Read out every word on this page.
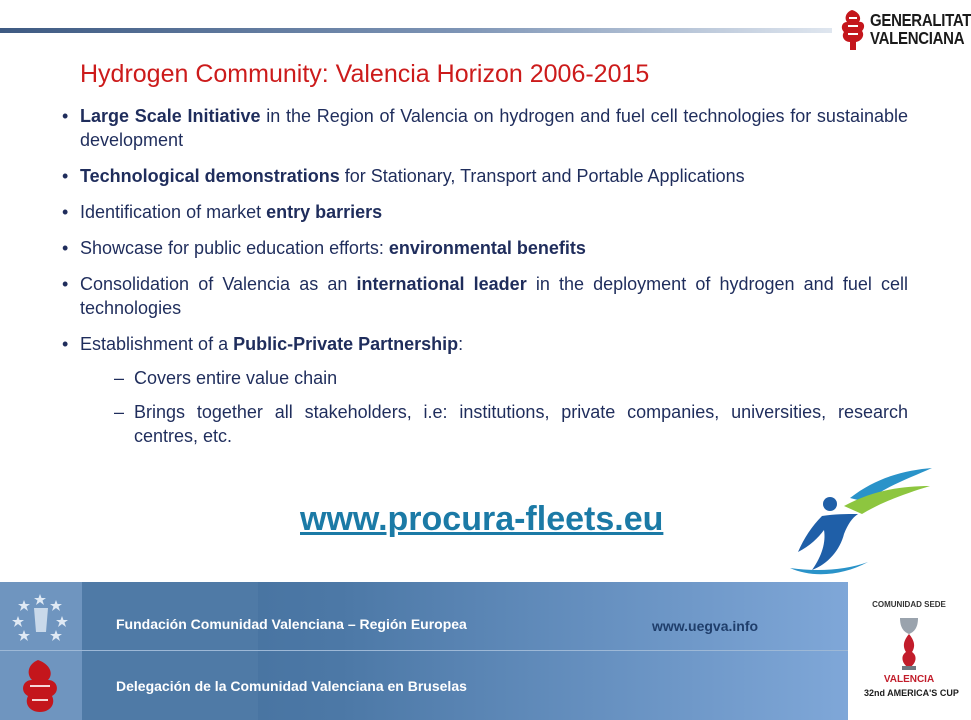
GENERALITAT VALENCIANA
Hydrogen Community: Valencia Horizon 2006-2015
• Large Scale Initiative in the Region of Valencia on hydrogen and fuel cell technologies for sustainable development
• Technological demonstrations for Stationary, Transport and Portable Applications
• Identification of market entry barriers
• Showcase for public education efforts: environmental benefits
• Consolidation of Valencia as an international leader in the deployment of hydrogen and fuel cell technologies
• Establishment of a Public-Private Partnership:
– Covers entire value chain
– Brings together all stakeholders, i.e: institutions, private companies, universities, research centres, etc.
www.procura-fleets.eu
Fundación Comunidad Valenciana – Región Europea
Delegación de la Comunidad Valenciana en Bruselas
www.uegva.info
COMUNIDAD SEDE
VALENCIA
32nd AMERICA'S CUP
